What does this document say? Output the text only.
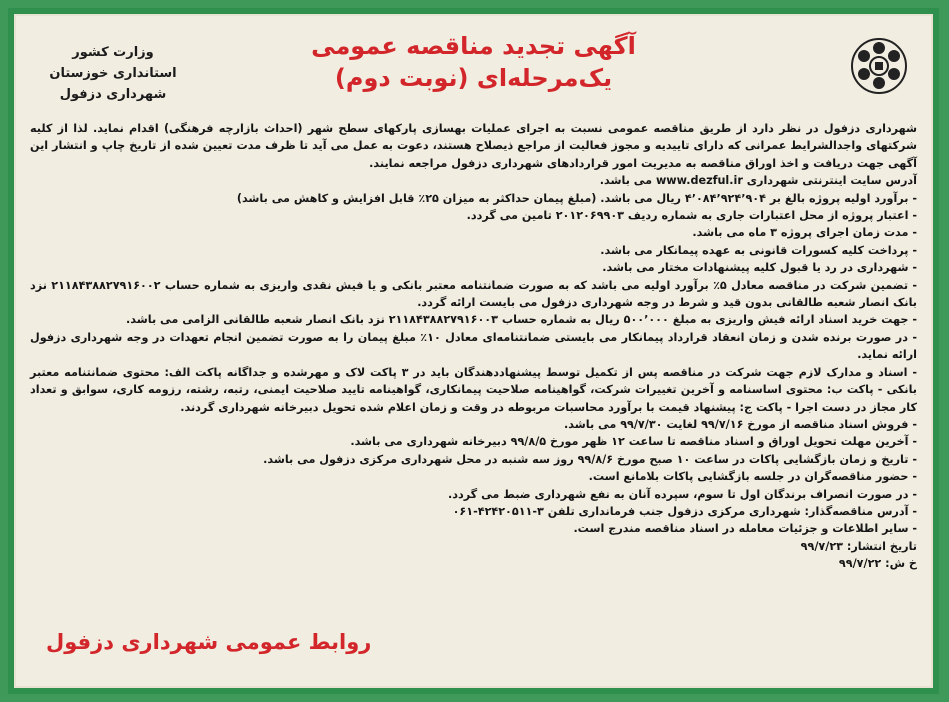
وزارت کشور
استانداری خوزستان
شهرداری دزفول
آگهی تجدید مناقصه عمومی
یک‌مرحله‌ای (نوبت دوم)

شهرداری دزفول در نظر دارد از طریق مناقصه عمومی نسبت به اجرای عملیات بهسازی پارکهای سطح شهر (احداث بازارچه فرهنگی) اقدام نماید. لذا از کلیه شرکتهای واجدالشرایط عمرانی که دارای تاییدیه و مجوز فعالیت از مراجع ذیصلاح هستند، دعوت به عمل می آید تا ظرف مدت تعیین شده از تاریخ چاپ و انتشار این آگهی جهت دریافت و اخذ اوراق مناقصه به مدیریت امور قراردادهای شهرداری دزفول مراجعه نمایند.

آدرس سایت اینترنتی شهرداری www.dezful.ir می باشد.

- برآورد اولیه پروژه بالغ بر ۴٬۰۸۴٬۹۲۴٬۹۰۴ ریال می باشد. (مبلغ پیمان حداکثر به میزان ۲۵٪ قابل افزایش و کاهش می باشد)

- اعتبار پروژه از محل اعتبارات جاری به شماره ردیف ۲۰۱۲۰۶۹۹۰۳ تامین می گردد.

- مدت زمان اجرای پروژه ۳ ماه می باشد.

- پرداخت کلیه کسورات قانونی به عهده پیمانکار می باشد.

- شهرداری در رد یا قبول کلیه پیشنهادات مختار می باشد.

- تضمین شرکت در مناقصه معادل ۵٪ برآورد اولیه می باشد که به صورت ضمانتنامه معتبر بانکی و یا فیش نقدی واریزی به شماره حساب ۲۱۱۸۴۳۸۸۲۷۹۱۶۰۰۲ نزد بانک انصار شعبه طالقانی بدون قید و شرط در وجه شهرداری دزفول می بایست ارائه گردد.

- جهت خرید اسناد ارائه فیش واریزی به مبلغ ۵۰۰٬۰۰۰ ریال به شماره حساب ۲۱۱۸۴۳۸۸۲۷۹۱۶۰۰۳ نزد بانک انصار شعبه طالقانی الزامی می باشد.

- در صورت برنده شدن و زمان انعقاد قرارداد پیمانکار می بایستی ضمانتنامه‌ای معادل ۱۰٪ مبلغ پیمان را به صورت تضمین انجام تعهدات در وجه شهرداری دزفول ارائه نماید.

- اسناد و مدارک لازم جهت شرکت در مناقصه پس از تکمیل توسط پیشنهاددهندگان باید در ۳ پاکت لاک و مهرشده و جداگانه پاکت الف: محتوی ضمانتنامه معتبر بانکی - پاکت ب: محتوی اساسنامه و آخرین تغییرات شرکت، گواهینامه صلاحیت پیمانکاری، گواهینامه تایید صلاحیت ایمنی، رتبه، رشته، رزومه کاری، سوابق و تعداد کار مجاز در دست اجرا - پاکت ج: پیشنهاد قیمت با برآورد محاسبات مربوطه در وقت و زمان اعلام شده تحویل دبیرخانه شهرداری گردند.

- فروش اسناد مناقصه از مورخ ۹۹/۷/۱۶ لغایت ۹۹/۷/۳۰ می باشد.

- آخرین مهلت تحویل اوراق و اسناد مناقصه تا ساعت ۱۲ ظهر مورخ ۹۹/۸/۵ دبیرخانه شهرداری می باشد.

- تاریخ و زمان بازگشایی پاکات در ساعت ۱۰ صبح مورخ ۹۹/۸/۶ روز سه شنبه در محل شهرداری مرکزی دزفول می باشد.

- حضور مناقصه‌گران در جلسه بازگشایی پاکات بلامانع است.

- در صورت انصراف برندگان اول تا سوم، سپرده آنان به نفع شهرداری ضبط می گردد.

- آدرس مناقصه‌گذار: شهرداری مرکزی دزفول جنب فرمانداری تلفن ۳-۴۲۴۲۰۵۱۱-۰۶۱

- سایر اطلاعات و جزئیات معامله در اسناد مناقصه مندرج است.

تاریخ انتشار: ۹۹/۷/۲۳

خ ش: ۹۹/۷/۲۲

روابط عمومی شهرداری دزفول
